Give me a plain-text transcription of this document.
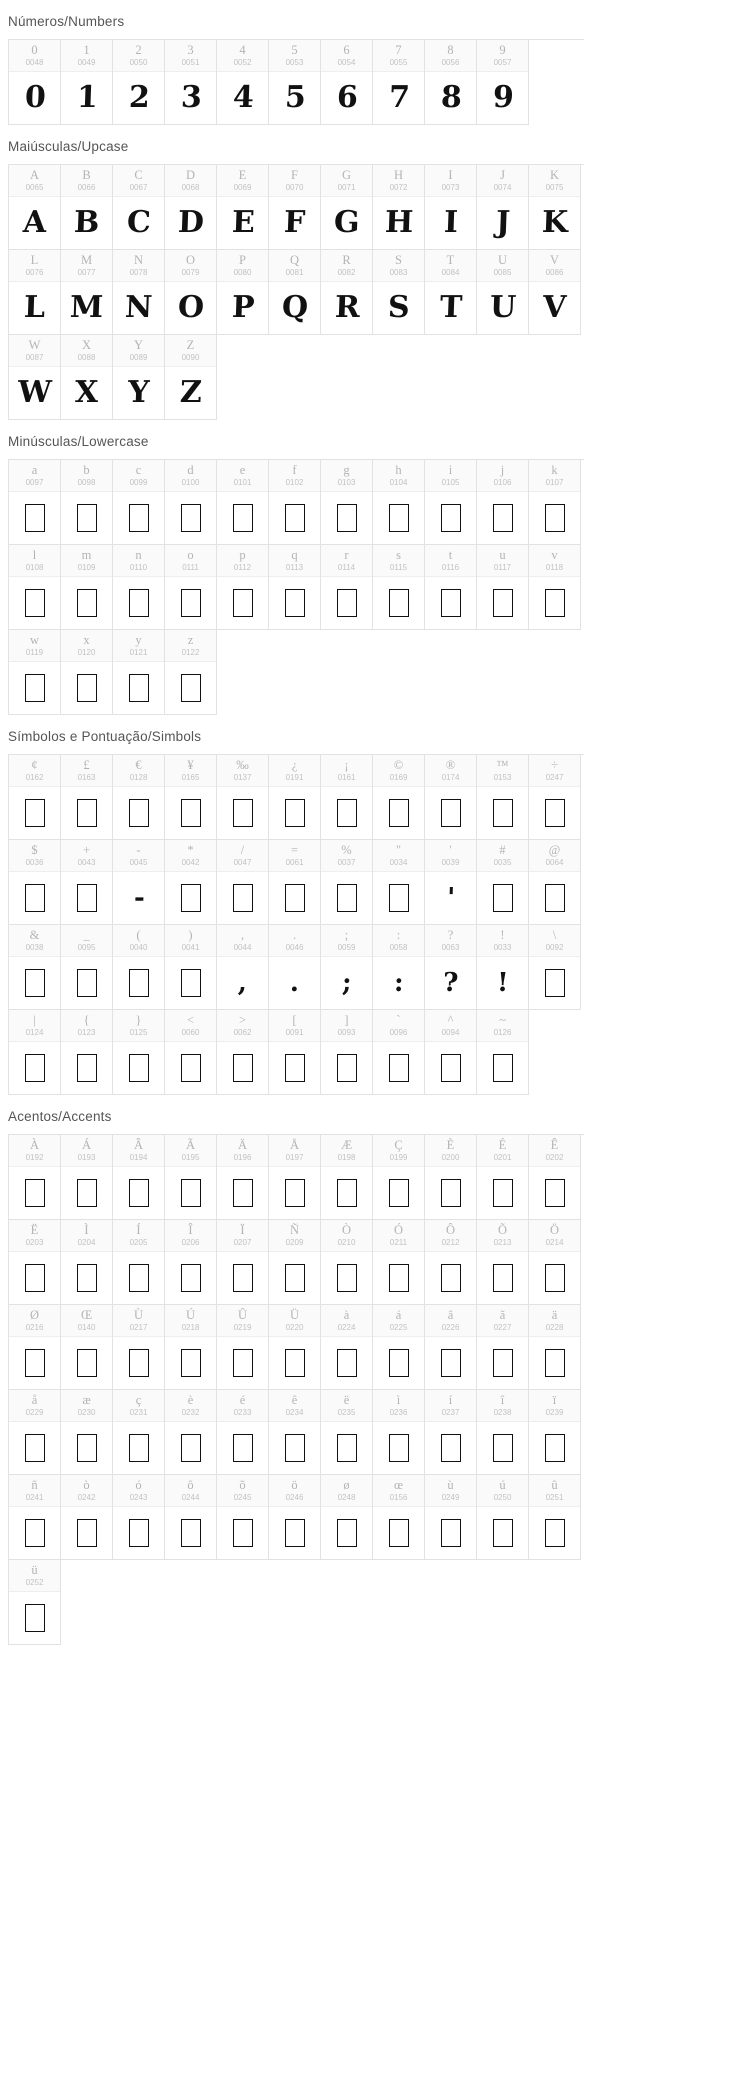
Números/Numbers
0
0048
0
1
0049
1
2
0050
2
3
0051
3
4
0052
4
5
0053
5
6
0054
6
7
0055
7
8
0056
8
9
0057
9
Maiúsculas/Upcase
A
0065
A
B
0066
B
C
0067
C
D
0068
D
E
0069
E
F
0070
F
G
0071
G
H
0072
H
I
0073
I
J
0074
J
K
0075
K
L
0076
L
M
0077
M
N
0078
N
O
0079
O
P
0080
P
Q
0081
Q
R
0082
R
S
0083
S
T
0084
T
U
0085
U
V
0086
V
W
0087
W
X
0088
X
Y
0089
Y
Z
0090
Z
Minúsculas/Lowercase
a
0097
b
0098
c
0099
d
0100
e
0101
f
0102
g
0103
h
0104
i
0105
j
0106
k
0107
l
0108
m
0109
n
0110
o
0111
p
0112
q
0113
r
0114
s
0115
t
0116
u
0117
v
0118
w
0119
x
0120
y
0121
z
0122
Símbolos e Pontuação/Simbols
¢
0162
£
0163
€
0128
¥
0165
‰
0137
¿
0191
¡
0161
©
0169
®
0174
™
0153
÷
0247
$
0036
+
0043
-
0045
-
*
0042
/
0047
=
0061
%
0037
"
0034
'
0039
'
#
0035
@
0064
&
0038
_
0095
(
0040
)
0041
,
0044
,
.
0046
.
;
0059
;
:
0058
:
?
0063
?
!
0033
!
\
0092
|
0124
{
0123
}
0125
<
0060
>
0062
[
0091
]
0093
`
0096
^
0094
~
0126
Acentos/Accents
À
0192
Á
0193
Â
0194
Ã
0195
Ä
0196
Å
0197
Æ
0198
Ç
0199
È
0200
É
0201
Ê
0202
Ë
0203
Ì
0204
Í
0205
Î
0206
Ï
0207
Ñ
0209
Ò
0210
Ó
0211
Ô
0212
Õ
0213
Ö
0214
Ø
0216
Œ
0140
Ù
0217
Ú
0218
Û
0219
Ü
0220
à
0224
á
0225
â
0226
ã
0227
ä
0228
å
0229
æ
0230
ç
0231
è
0232
é
0233
ê
0234
ë
0235
ì
0236
í
0237
î
0238
ï
0239
ñ
0241
ò
0242
ó
0243
ô
0244
õ
0245
ö
0246
ø
0248
œ
0156
ù
0249
ú
0250
û
0251
ü
0252
